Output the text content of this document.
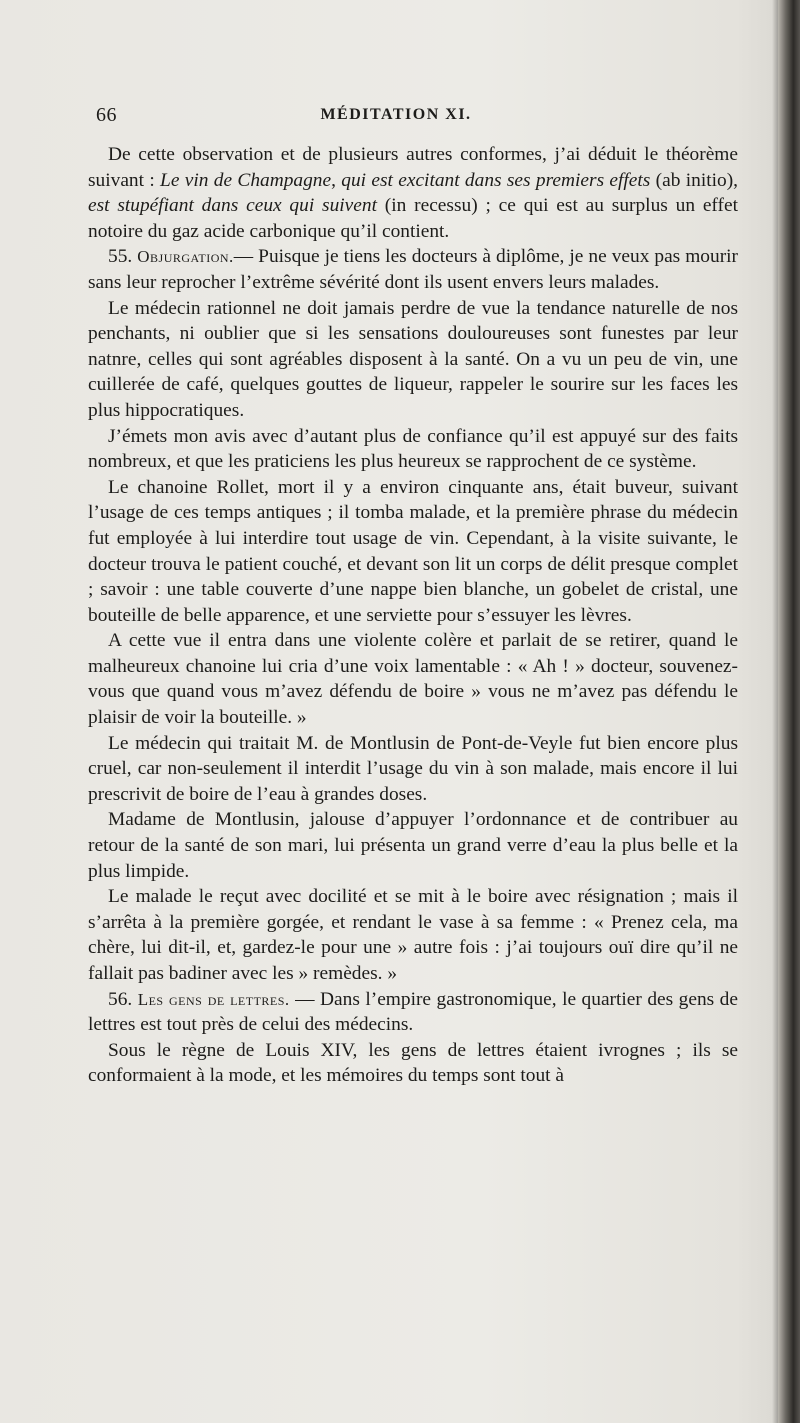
66	MÉDITATION XI.

De cette observation et de plusieurs autres conformes, j’ai déduit le théorème suivant : Le vin de Champagne, qui est excitant dans ses premiers effets (ab initio), est stupéfiant dans ceux qui suivent (in recessu) ; ce qui est au surplus un effet notoire du gaz acide carbonique qu’il contient.

55. Objurgation.— Puisque je tiens les docteurs à diplôme, je ne veux pas mourir sans leur reprocher l’extrême sévérité dont ils usent envers leurs malades.

Le médecin rationnel ne doit jamais perdre de vue la tendance naturelle de nos penchants, ni oublier que si les sensations douloureuses sont funestes par leur natnre, celles qui sont agréables disposent à la santé. On a vu un peu de vin, une cuillerée de café, quelques gouttes de liqueur, rappeler le sourire sur les faces les plus hippocratiques.

J’émets mon avis avec d’autant plus de confiance qu’il est appuyé sur des faits nombreux, et que les praticiens les plus heureux se rapprochent de ce système.

Le chanoine Rollet, mort il y a environ cinquante ans, était buveur, suivant l’usage de ces temps antiques ; il tomba malade, et la première phrase du médecin fut employée à lui interdire tout usage de vin. Cependant, à la visite suivante, le docteur trouva le patient couché, et devant son lit un corps de délit presque complet ; savoir : une table couverte d’une nappe bien blanche, un gobelet de cristal, une bouteille de belle apparence, et une serviette pour s’essuyer les lèvres.

A cette vue il entra dans une violente colère et parlait de se retirer, quand le malheureux chanoine lui cria d’une voix lamentable : « Ah ! » docteur, souvenez-vous que quand vous m’avez défendu de boire » vous ne m’avez pas défendu le plaisir de voir la bouteille. »

Le médecin qui traitait M. de Montlusin de Pont-de-Veyle fut bien encore plus cruel, car non-seulement il interdit l’usage du vin à son malade, mais encore il lui prescrivit de boire de l’eau à grandes doses.

Madame de Montlusin, jalouse d’appuyer l’ordonnance et de contribuer au retour de la santé de son mari, lui présenta un grand verre d’eau la plus belle et la plus limpide.

Le malade le reçut avec docilité et se mit à le boire avec résignation ; mais il s’arrêta à la première gorgée, et rendant le vase à sa femme : « Prenez cela, ma chère, lui dit-il, et, gardez-le pour une » autre fois : j’ai toujours ouï dire qu’il ne fallait pas badiner avec les » remèdes. »

56. Les gens de lettres. — Dans l’empire gastronomique, le quartier des gens de lettres est tout près de celui des médecins.

Sous le règne de Louis XIV, les gens de lettres étaient ivrognes ; ils se conformaient à la mode, et les mémoires du temps sont tout à
